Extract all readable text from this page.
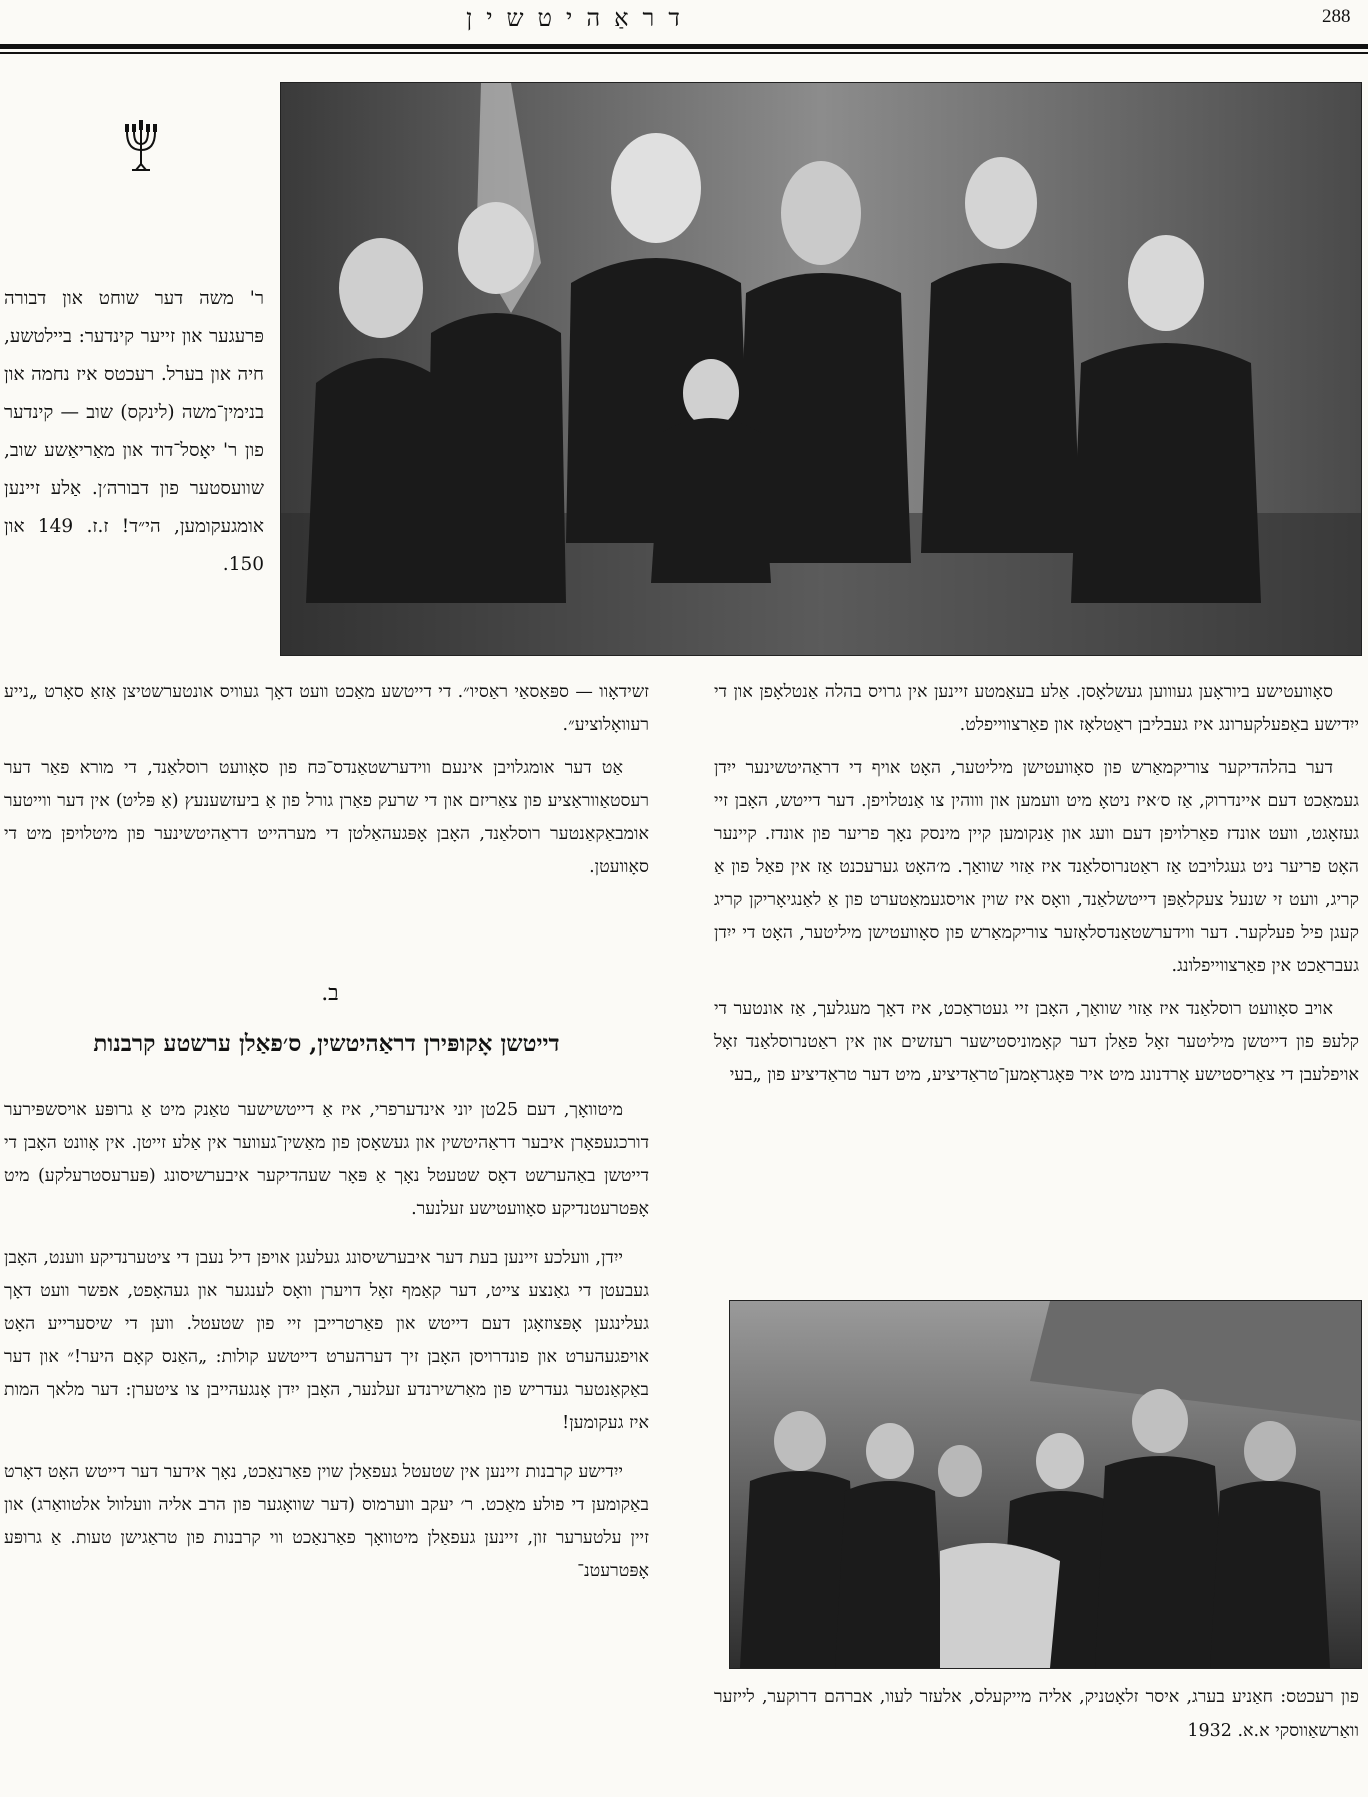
דראַהיטשין	288
ר' משה דער שוחט און דבורה פּרעגער און זייער קינדער: ביילטשע, חיה און בערל. רעכטס איז נחמה און בנימין־משה (לינקס) שוב — קינדער פון ר' יאָסל־דוד און מאַריאַשע שוב, שוועסטער פון דבורה׳ן. אַלע זיינען אומגעקומען, הי״ד! ז.ז. 149 און 150.

סאָוועטישע ביוראָען געוווען געשלאָסן. אַלע בעאַמטע זיינען אין גרויס בהלה אַנטלאָפן און די ייִדישע באַפעלקערונג איז געבליבן ראַטלאָז און פאַרצווייפלט.

דער בהלהדיקער צוריקמאַרש פון סאָוועטישן מיליטער, האָט אויף די דראַהיטשינער ייִדן געמאַכט דעם איינדרוק, אַז ס׳איז ניטאָ מיט וועמען און וווהין צו אַנטלויפן. דער דייטש, האָבן זיי געזאָגט, וועט אונדז פאַרלויפן דעם וועג און אַנקומען קיין מינסק נאָך פריער פון אונדז. קיינער האָט פריער ניט געגלויבט אַז ראַטנרוסלאַנד איז אַזוי שוואַך. מ׳האָט גערעכנט אַז אין פאַל פון אַ קריג, וועט זי שנעל צעקלאַפּן דייטשלאַנד, וואָס איז שוין אויסגעמאַטערט פון אַ לאַנגיאָריקן קריג קעגן פיל פעלקער. דער ווידערשטאַנדסלאָזער צוריקמאַרש פון סאָוועטישן מיליטער, האָט די ייִדן געבראַכט אין פאַרצווייפלונג.

אויב סאָוועט רוסלאַנד איז אַזוי שוואַך, האָבן זיי געטראַכט, איז דאָך מעגלעך, אַז אונטער די קלעפּ פון דייטשן מיליטער זאָל פאַלן דער קאָמוניסטישער רעזשים און אין ראַטנרוסלאַנד זאָל אויפלעבן די צאַריסטישע אָרדנונג מיט איר פּאָגראָמען־טראַדיציע, מיט דער טראַדיציע פון „בעי

זשידאָוו — ספּאַסאַי ראַסיו״. די דייטשע מאַכט וועט דאָך געוויס אונטערשטיצן אַזאַ סאָרט „נייע רעוואָלוציע״.

אַט דער אומגלויבן אינעם ווידערשטאַנדס־כּח פון סאָוועט רוסלאַנד, די מורא פאַר דער רעסטאַווראַציע פון צאַריזם און די שרעק פאַרן גורל פון אַ ביעזשענעץ (אַ פּליט) אין דער ווייטער אומבאַקאַנטער רוסלאַנד, האָבן אָפּגעהאַלטן די מערהייט דראַהיטשינער פון מיטלויפן מיט די סאָוועטן.

ב.
דייטשן אָקופּירן דראַהיטשין, ס׳פאַלן ערשטע קרבנות

מיטוואָך, דעם 25טן יוני אינדערפרי, איז אַ דייטשישער טאַנק מיט אַ גרופּע אויסשפּירער דורכגעפאָרן איבער דראַהיטשין און געשאָסן פון מאַשין־געווער אין אַלע זייטן. אין אָוונט האָבן די דייטשן באַהערשט דאָס שטעטל נאָך אַ פּאָר שעהדיקער איבערשיסונג (פּערעסטרעלקע) מיט אָפּטרעטנדיקע סאָוועטישע זעלנער.

ייִדן, וועלכע זיינען בעת דער איבערשיסונג געלעגן אויפן דיל נעבן די ציטערנדיקע ווענט, האָבן געבעטן די גאַנצע צייט, דער קאַמף זאָל דויערן וואָס לענגער און געהאָפט, אפשר וועט דאָך געלינגען אָפּצוזאָגן דעם דייטש און פאַרטרייבן זיי פון שטעטל. ווען די שיסערייע האָט אויפגעהערט און פונדרויסן האָבן זיך דערהערט דייטשע קולות: „האַנס קאָם היער!״ און דער באַקאַנטער געדריש פון מאַרשירנדע זעלנער, האָבן ייִדן אָנגעהייבן צו ציטערן: דער מלאך המות איז געקומען!

ייִדישע קרבנות זיינען אין שטעטל געפאַלן שוין פאַרנאַכט, נאָך אידער דער דייטש האָט דאָרט באַקומען די פולע מאַכט. ר׳ יעקב ווערמוס (דער שוואָגער פון הרב אליה וועלוול אלטוואַרג) און זיין עלטערער זון, זיינען געפאַלן מיטוואָך פאַרנאַכט ווי קרבנות פון טראַגישן טעות. אַ גרופּע אָפּטרעטנ־

פון רעכטס: חאַניע בערג, איסר זלאָטניק, אליה מייקעלס, אלעזר לעוו, אברהם דרוקער, לייזער וואַרשאַווסקי א.א. 1932
